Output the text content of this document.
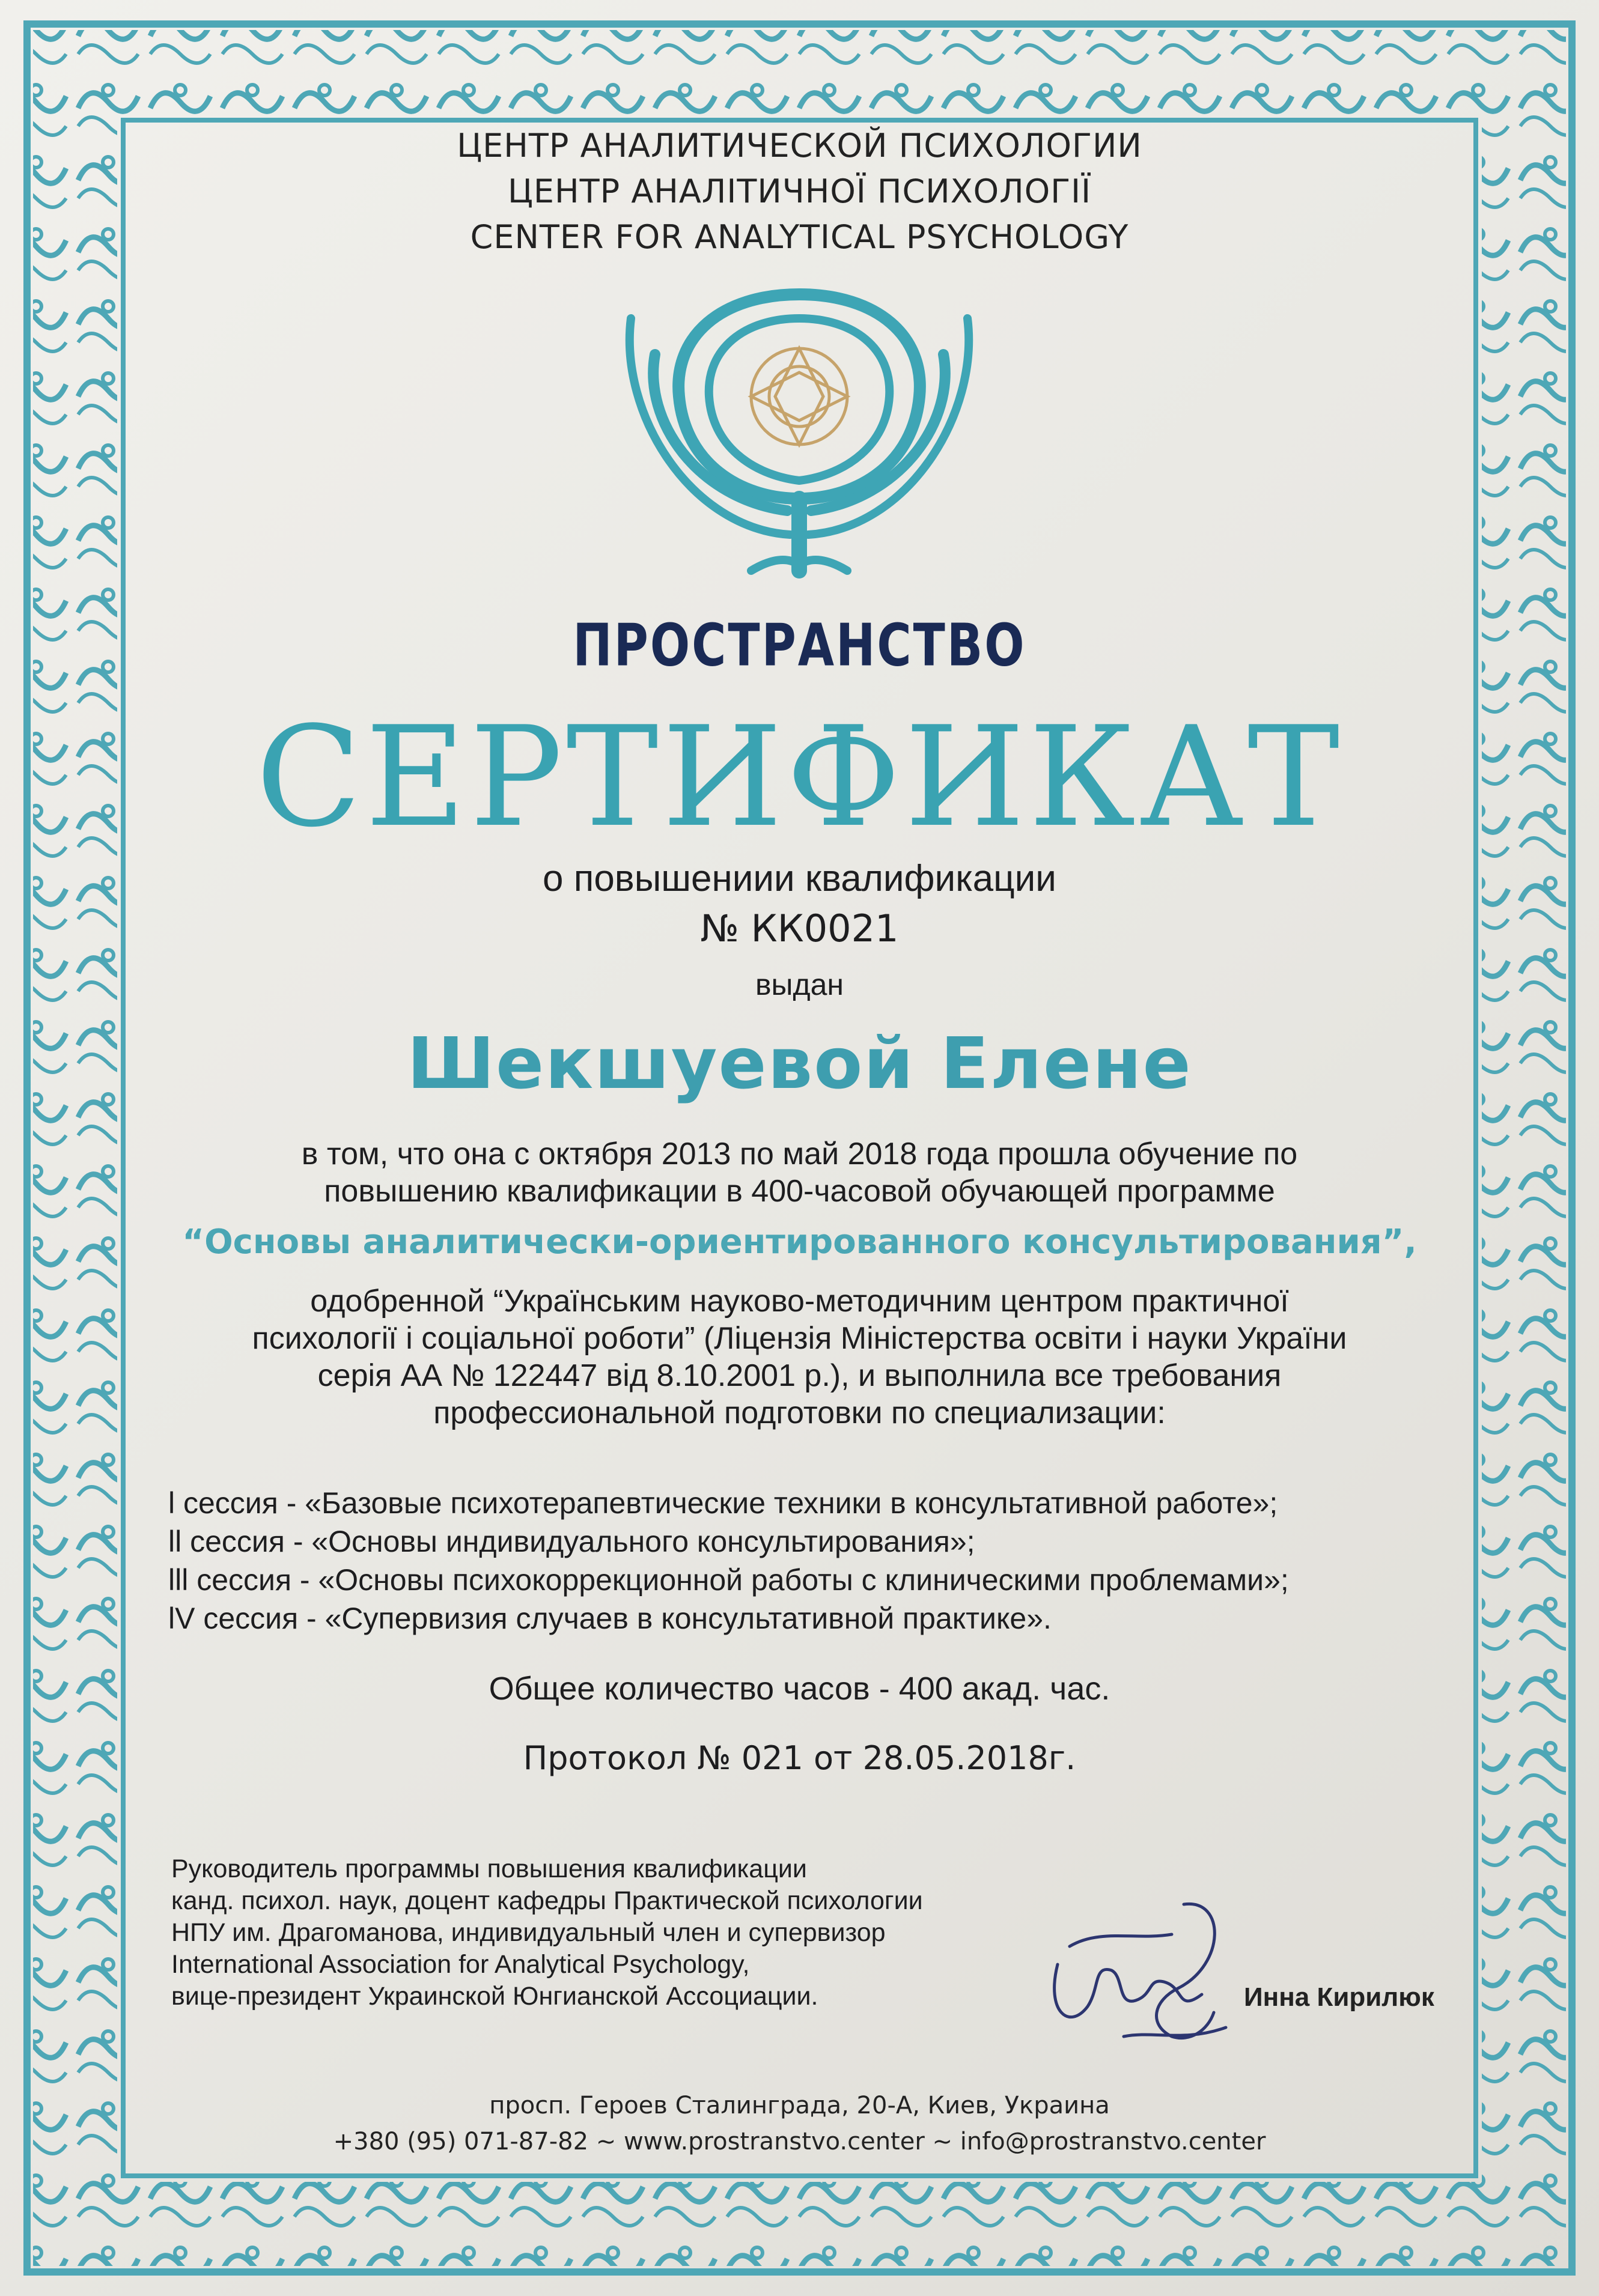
ЦЕНТР АНАЛИТИЧЕСКОЙ ПСИХОЛОГИИ
ЦЕНТР АНАЛІТИЧНОЇ ПСИХОЛОГІЇ
CENTER FOR ANALYTICAL PSYCHOLOGY
ПРОСТРАНСТВО
СЕРТИФИКАТ
о повышениии квалификации
№ КК0021
выдан
Шекшуевой Елене
в том, что она с октября 2013 по май 2018 года прошла обучение по
повышению квалификации в 400-часовой обучающей программе
“Основы аналитически-ориентированного консультирования”,
одобренной “Українським науково-методичним центром практичної
психології і соціальної роботи” (Ліцензія Міністерства освіти і науки України
серія АА № 122447 від 8.10.2001 р.), и выполнила все требования
профессиональной подготовки по специализации:
l сессия - «Базовые психотерапевтические техники в консультативной работе»;
ll сессия - «Основы индивидуального консультирования»;
lll сессия - «Основы психокоррекционной работы с клиническими проблемами»;
lV сессия - «Супервизия случаев в консультативной практике».
Общее количество часов - 400 акад. час.
Протокол № 021 от 28.05.2018г.
Руководитель программы повышения квалификации
канд. психол. наук, доцент кафедры Практической психологии
НПУ им. Драгоманова, индивидуальный член и супервизор
International Association for Analytical Psychology,
вице-президент Украинской Юнгианской Ассоциации.	Инна Кирилюк
просп. Героев Сталинграда, 20-А, Киев, Украина
+380 (95) 071-87-82 ~ www.prostranstvo.center ~ info@prostranstvo.center
